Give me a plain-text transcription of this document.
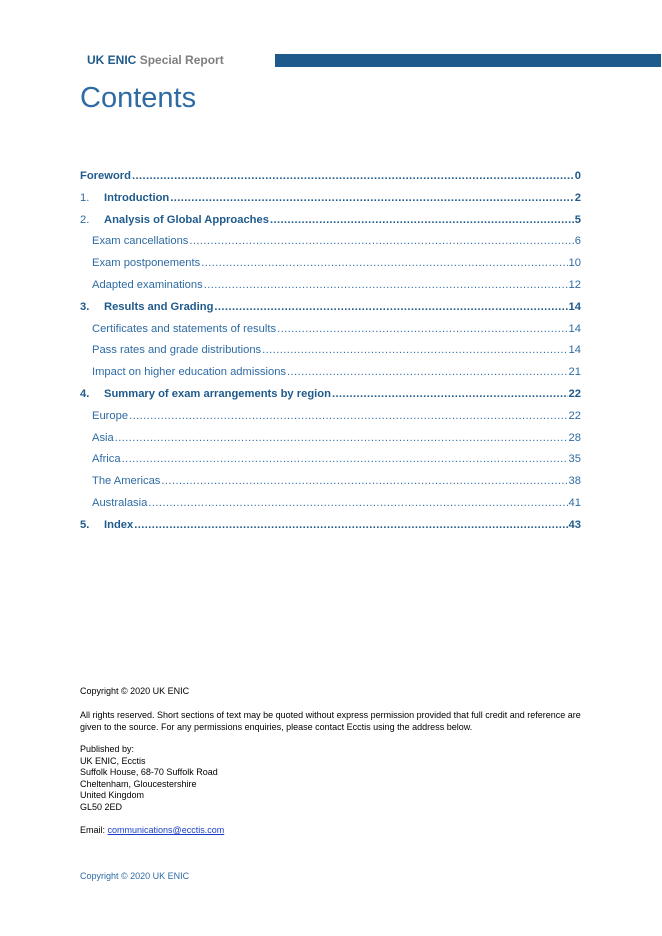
UK ENIC Special Report
Contents
Foreword .....	0
1.	Introduction .....	2
2.	Analysis of Global Approaches .....	5
Exam cancellations .....	6
Exam postponements .....	10
Adapted examinations .....	12
3.	Results and Grading .....	14
Certificates and statements of results .....	14
Pass rates and grade distributions .....	14
Impact on higher education admissions .....	21
4.	Summary of exam arrangements by region .....	22
Europe .....	22
Asia .....	28
Africa .....	35
The Americas .....	38
Australasia .....	41
5.	Index .....	43

Copyright © 2020 UK ENIC

All rights reserved. Short sections of text may be quoted without express permission provided that full credit and reference are given to the source. For any permissions enquiries, please contact Ecctis using the address below.

Published by:

UK ENIC, Ecctis

Suffolk House, 68-70 Suffolk Road

Cheltenham, Gloucestershire

United Kingdom

GL50 2ED

Email: communications@ecctis.com

Copyright © 2020 UK ENIC
